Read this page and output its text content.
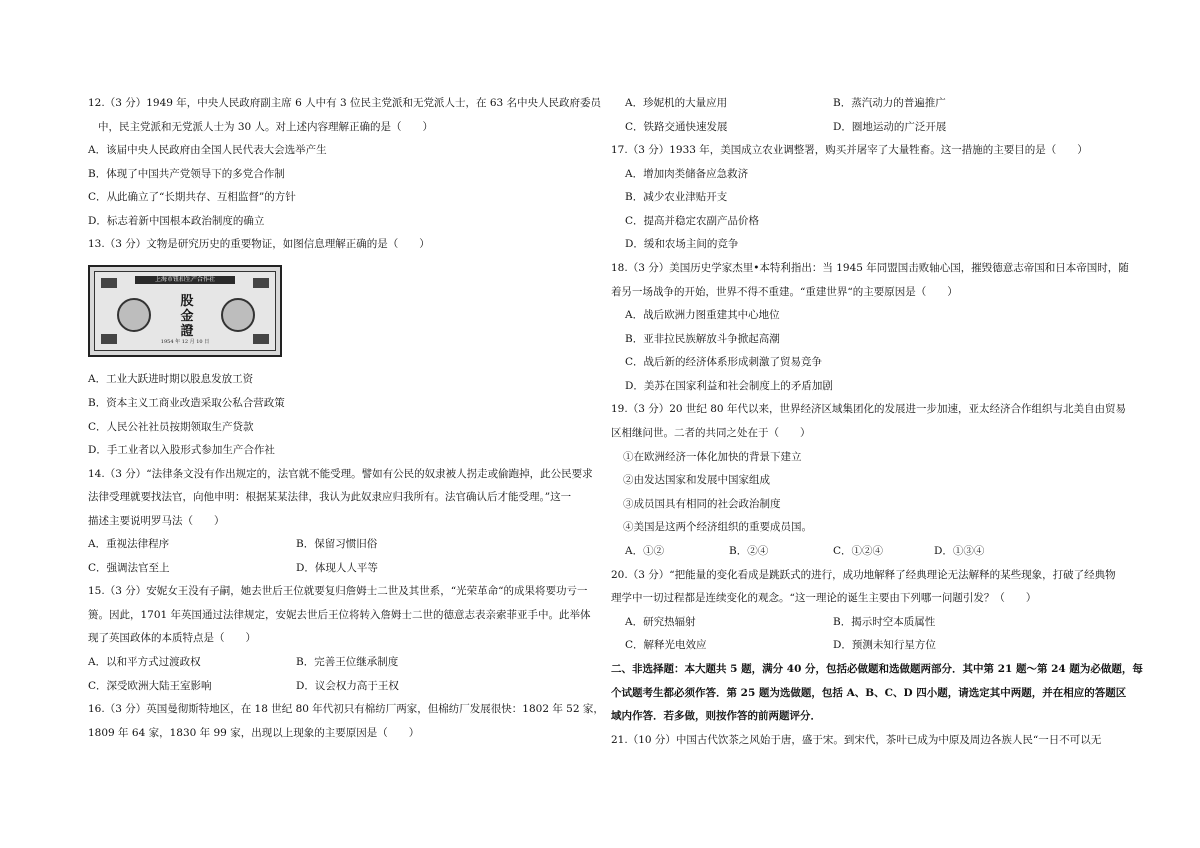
12.（3 分）1949 年，中央人民政府副主席 6 人中有 3 位民主党派和无党派人士，在 63 名中央人民政府委员
中，民主党派和无党派人士为 30 人。对上述内容理解正确的是（　　）
A．该届中央人民政府由全国人民代表大会选举产生
B．体现了中国共产党领导下的多党合作制
C．从此确立了“长期共存、互相监督”的方针
D．标志着新中国根本政治制度的确立
13.（3 分）文物是研究历史的重要物证，如图信息理解正确的是（　　）
上海市钮扣生产合作社
股金證
1954 年 12 月 10 日
A．工业大跃进时期以股息发放工资
B．资本主义工商业改造采取公私合营政策
C．人民公社社员按期领取生产贷款
D．手工业者以入股形式参加生产合作社
14.（3 分）“法律条文没有作出规定的，法官就不能受理。譬如有公民的奴隶被人拐走或偷跑掉，此公民要求
法律受理就要找法官，向他申明：根据某某法律，我认为此奴隶应归我所有。法官确认后才能受理。”这一
描述主要说明罗马法（　　）
A．重视法律程序	B．保留习惯旧俗
C．强调法官至上	D．体现人人平等
15.（3 分）安妮女王没有子嗣，她去世后王位就要复归詹姆士二世及其世系，“光荣革命“的成果将要功亏一
篑。因此，1701 年英国通过法律规定，安妮去世后王位将转入詹姆士二世的德意志表亲索菲亚手中。此举体
现了英国政体的本质特点是（　　）
A．以和平方式过渡政权	B．完善王位继承制度
C．深受欧洲大陆王室影响	D．议会权力高于王权
16.（3 分）英国曼彻斯特地区，在 18 世纪 80 年代初只有棉纺厂两家，但棉纺厂发展很快：1802 年 52 家，
1809 年 64 家，1830 年 99 家，出现以上现象的主要原因是（　　）
A．珍妮机的大量应用	B．蒸汽动力的普遍推广
C．铁路交通快速发展	D．圈地运动的广泛开展
17.（3 分）1933 年，美国成立农业调整署，购买并屠宰了大量牲畜。这一措施的主要目的是（　　）
A．增加肉类储备应急救济
B．减少农业津贴开支
C．提高并稳定农副产品价格
D．缓和农场主间的竞争
18.（3 分）美国历史学家杰里•本特利指出：当 1945 年同盟国击败轴心国，摧毁德意志帝国和日本帝国时，随
着另一场战争的开始，世界不得不重建。“重建世界“的主要原因是（　　）
A．战后欧洲力图重建其中心地位
B．亚非拉民族解放斗争掀起高潮
C．战后新的经济体系形成刺激了贸易竞争
D．美苏在国家利益和社会制度上的矛盾加剧
19.（3 分）20 世纪 80 年代以来，世界经济区域集团化的发展进一步加速，亚太经济合作组织与北美自由贸易
区相继问世。二者的共同之处在于（　　）
①在欧洲经济一体化加快的背景下建立
②由发达国家和发展中国家组成
③成员国具有相同的社会政治制度
④美国是这两个经济组织的重要成员国。
A．①②	B．②④	C．①②④	D．①③④
20.（3 分）“把能量的变化看成是跳跃式的进行，成功地解释了经典理论无法解释的某些现象，打破了经典物
理学中一切过程都是连续变化的观念。“这一理论的诞生主要由下列哪一问题引发？（　　）
A．研究热辐射	B．揭示时空本质属性
C．解释光电效应	D．预测未知行星方位
二、非选择题：本大题共 5 题，满分 40 分，包括必做题和选做题两部分．其中第 21 题～第 24 题为必做题，每
个试题考生都必须作答．第 25 题为选做题，包括 A、B、C、D 四小题，请选定其中两题，并在相应的答题区
域内作答．若多做，则按作答的前两题评分．
21.（10 分）中国古代饮茶之风始于唐，盛于宋。到宋代，茶叶已成为中原及周边各族人民“一日不可以无
